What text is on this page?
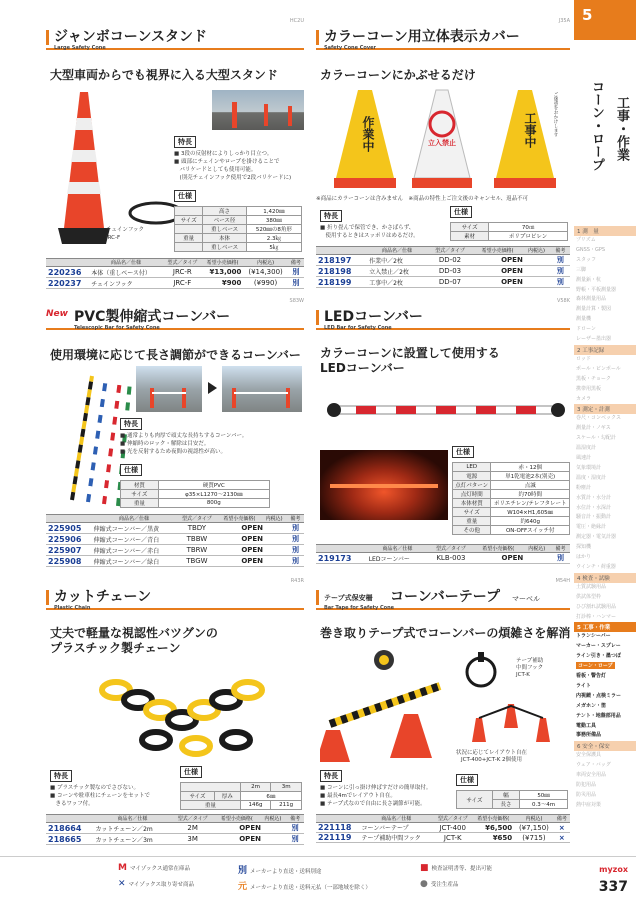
HC2U
ジャンボコーンスタンド
Large Safety Cone
大型車両からでも視界に入る大型スタンド
チェインフック
JRC-F
特長
■ 3段の反射材によりしっかり目立つ。
■ 頭部にチェインやロープを掛けることで
　バリケードとしても使用可能。
　(別売チェインフック使用で2段バリケードに)
仕様
	高さ	1,420㎜
サイズ	ベース径	380㎜
	重しベース	520㎜の8角形
重量	本体	2.3㎏
	重しベース	5㎏
	商品名／仕様	型式／タイプ	希望小売価格(	内税込)	備考
220236	本体（重しベース付）	JRC-R	¥13,000	(¥14,300)	別
220237	チェインフック	JRC-F	¥900	(¥990)	別
J35A
カラーコーン用立体表示カバー
Safety Cone Cover
カラーコーンにかぶせるだけ
作業中	立入禁止	工事中	ご迷惑をおかけします
※商品にカラーコーンは含みません　※商品の特性上ご注文後のキャンセル、返品不可
特長
■ 折り畳んで保管でき、かさばらず、
　使用するときはスッポリはめるだけ。
仕様
サイズ	70㎝
素材	ポリプロピレン
	商品名／仕様	型式／タイプ	希望小売価格(	内税込)	備考
218197	作業中／2枚	DD-02	OPEN		別
218198	立入禁止／2枚	DD-03	OPEN		別
218199	工事中／2枚	DD-07	OPEN		別
S83W
New PVC製伸縮式コーンバー
Telescopic Bar for Safety Cone
使用環境に応じて長さ調節ができるコーンバー
特長
■ 通常よりも肉厚で頑丈な長持ちするコーンバー。
■ 伸縮時のロック・解除は目安だ。
■ 光を反射するため夜間の視認性が高い。
仕様
材質	硬質PVC
サイズ	φ35×L1270～2130㎜
重量	800g
	商品名／仕様	型式／タイプ	希望小売価格(	内税込)	備考
225905	伸縮式コーンバー／黒黄	TBDY	OPEN		別
225906	伸縮式コーンバー／青白	TBBW	OPEN		別
225907	伸縮式コーンバー／赤白	TBRW	OPEN		別
225908	伸縮式コーンバー／緑白	TBGW	OPEN		別
V58K
LEDコーンバー
LED Bar for Safety Cone
カラーコーンに設置して使用する
LEDコーンバー
仕様
LED	赤・12個
電源	単1乾電池2本(別売)
点灯パターン	点滅
点灯時間	約70時間
本体材質	ポリエチレン/テレフタレート
サイズ	W104×H1,605㎜
重量	約640g
その他	ON-OFFスイッチ付
	商品名／仕様	型式／タイプ	希望小売価格(	内税込)	備考
219173	LEDコーンバー	KLB-003	OPEN		別
R43R
カットチェーン
Plastic Chain
丈夫で軽量な視認性バツグンの
プラスチック製チェーン
特長
■ プラスチック製なのでさびない。
■ コーンや駐車柱にチェーンをセットで
　きるワッフ付。
仕様
		2m	3m
サイズ	厚み	6㎜	
重量		146g	211g
	商品名／仕様	型式／タイプ	希望小売価格(	内税込)	備考
218664	カットチェーン／2m	2M	OPEN		別
218665	カットチェーン／3m	3M	OPEN		別
M54H
テープ式保安柵 コーンバーテープ マーベル
Bar Tape for Safety Cone
巻き取りテープ式でコーンバーの煩雑さを解消
テープ補助
中間フック
JCT-K
状況に応じてレイアウト自在
JCT-400+JCT-K 2個使用
特長
■ コーンに引っ掛け伸ばすだけの簡単取付。
■ 最長4mでレイアウト自在。
■ テープ式なので自由に長さ調節が可能。
仕様
サイズ	幅	50㎜
	長さ	0.3～4m
	商品名／仕様	型式／タイプ	希望小売価格(	内税込)	備考
221118	コーンバーテープ	JCT-400	¥6,500	(¥7,150)	×
221119	テープ補助中間フック	JCT-K	¥650	(¥715)	×
5
工事・作業
コーン・ロープ
1 測　量
プリズム
GNSS・GPS
スタッフ
三脚
測量鋲・杭
野帳・平板測量器
森林測量用品
測量計算・製図
測量機
ドローン
レーザー墨出器
2 工事記録
ロッド
ポール・ピンポール
黒板・チョーク
携帯用黒板
カメラ
3 測定・計測
巻尺・コンベックス
測量計・ノギス
スケール・勾配計
温湿度計
風速計
気象環境計
温度・湿度計
粉塵計
水質計・水分計
水位計・水深計
騒音計・振動計
電圧・絶縁計
測定器・電気計器
探知機
はかり
ウインチ・荷重器
4 検査・試験
土質試験用品
供試体型枠
ひび割れ試験用品
打診棒・ハンマー
5 工事・作業
トランシーバー
マーカー・スプレー
ライン引き・墨つぼ
コーン・ロープ
看板・警告灯
ライト
内視鏡・点検ミラー
メガホン・笛
テント・地盤部用品
電動工具
事務所備品
6 安全・保安
安全保護具
ウェア・バッグ
車両安全用品
防犯用品
防災用品
熱中症対策
Mマイゾックス通常在庫品
✕ マイゾックス取り寄せ商品
別メーカーより直送・送料別途
元メーカーより直送・送料元払（一部地域を除く）
■ 検査証明書等、提出可能
● 受注生産品
myzox
337
